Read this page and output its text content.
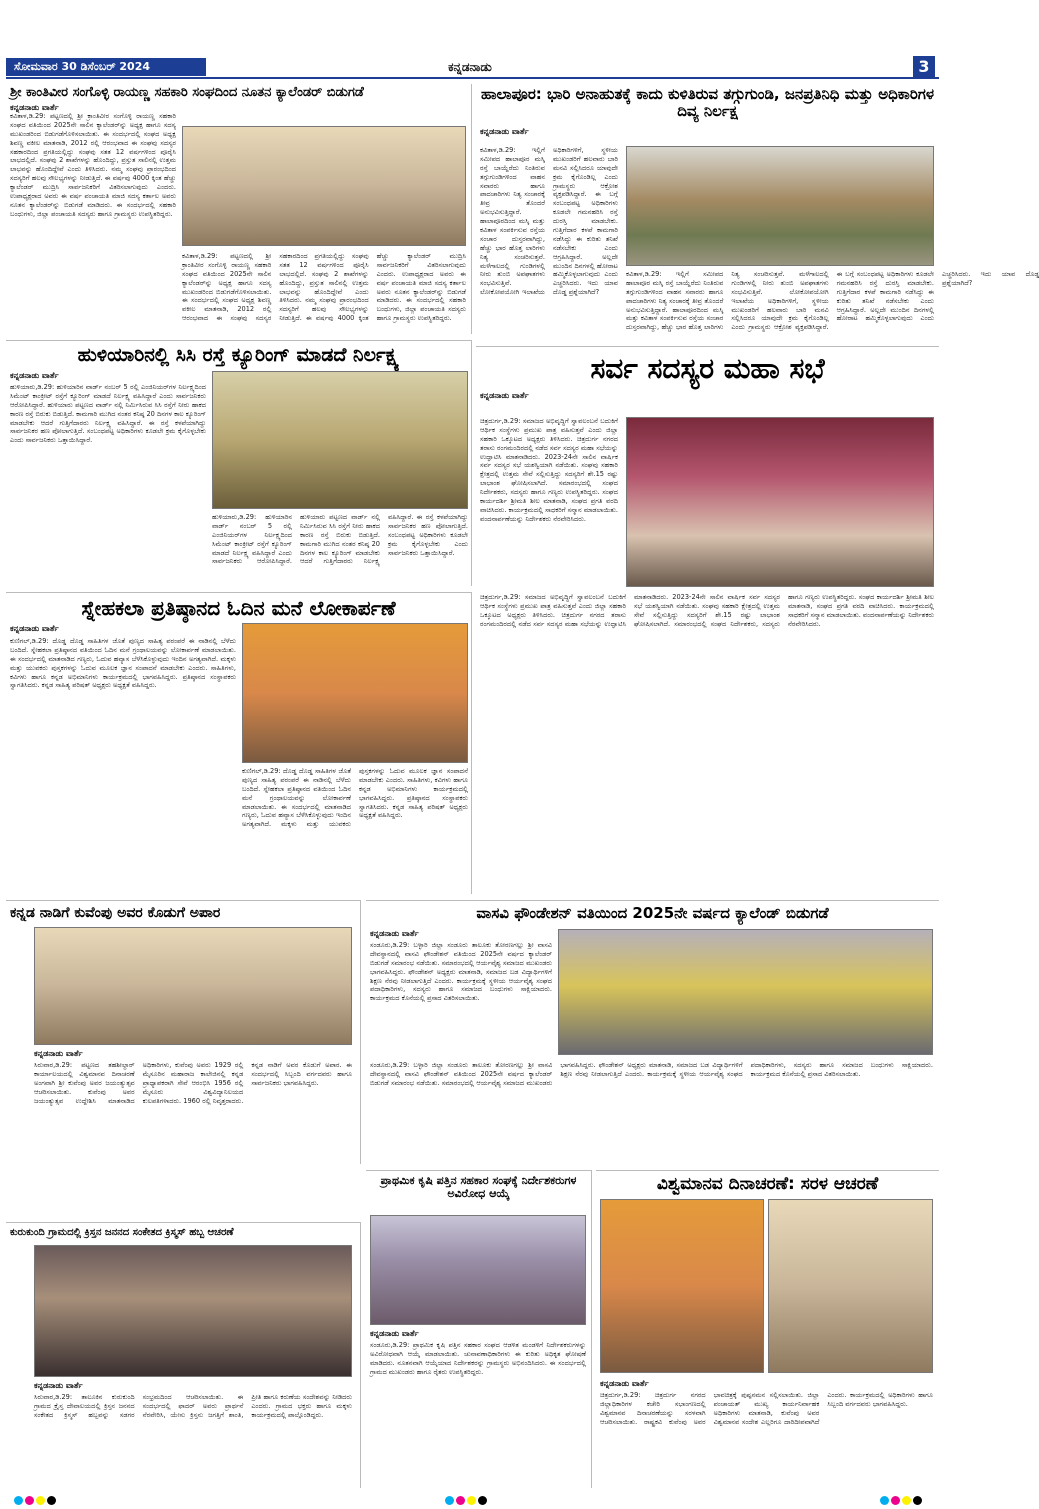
ಸೋಮವಾರ 30 ಡಿಸೆಂಬರ್ 2024	ಕನ್ನಡನಾಡು	3
ಶ್ರೀ ಕಾಂತಿವೀರ ಸಂಗೊಳ್ಳಿ ರಾಯಣ್ಣ ಸಹಕಾರಿ ಸಂಘದಿಂದ ನೂತನ ಕ್ಯಾಲೆಂಡರ್ ಬಿಡುಗಡೆ
ಕನ್ನಡನಾಡು ವಾರ್ತೆ
ಕವಿತಾಳ,ಡಿ.29: ಪಟ್ಟಣದಲ್ಲಿ ಶ್ರೀ ಕ್ರಾಂತಿವೀರ ಸಂಗೊಳ್ಳಿ ರಾಯಣ್ಣ ಸಹಕಾರಿ ಸಂಘದ ವತಿಯಿಂದ 2025ನೇ ಸಾಲಿನ ಕ್ಯಾಲೆಂಡರ್‌ನ್ನು ಅಧ್ಯಕ್ಷ ಹಾಗೂ ಸದಸ್ಯ ಮುಖಂಡರಿಂದ ಬಿಡುಗಡೆಗೊಳಿಸಲಾಯಿತು. ಈ ಸಂದರ್ಭದಲ್ಲಿ ಸಂಘದ ಅಧ್ಯಕ್ಷ ಶಿವಣ್ಣ ವಕೀಲ ಮಾತನಾಡಿ, 2012 ರಲ್ಲಿ ಆರಂಭವಾದ ಈ ಸಂಘವು ಸದಸ್ಯರ ಸಹಕಾರದಿಂದ ಪ್ರಗತಿಯಲ್ಲಿದ್ದು ಸಂಘವು ಸತತ 12 ವರ್ಷಗಳಿಂದ ಪೂರೈಸಿ ಲಾಭದಲ್ಲಿದೆ. ಸಂಘವು 2 ಶಾಖೆಗಳನ್ನು ಹೊಂದಿದ್ದು, ಪ್ರಸ್ತುತ ಸಾಲಿನಲ್ಲಿ ಉತ್ತಮ ಲಾಭವನ್ನು ಹೊಂದಿದ್ದೇವೆ ಎಂದು ತಿಳಿಸಿದರು. ನಮ್ಮ ಸಂಘವು ಪ್ರಾರಂಭದಿಂದ ಸದಸ್ಯರಿಗೆ ಹಲವು ಸೌಲಭ್ಯಗಳನ್ನು ನೀಡುತ್ತಿದೆ. ಈ ವರ್ಷವು 4000 ಕ್ಕಿಂತ ಹೆಚ್ಚು ಕ್ಯಾಲೆಂಡರ್ ಮುದ್ರಿಸಿ ಸಾರ್ವಜನಿಕರಿಗೆ ವಿತರಿಸಲಾಗುವುದು ಎಂದರು. ಉಪಾಧ್ಯಕ್ಷರಾದ ಅವರು ಈ ವರ್ಷ ಪಂಚಾಯತಿ ಮಾಜಿ ಸದಸ್ಯ ಕರ್ತಾಲ ಅವರು ನೂತನ ಕ್ಯಾಲೆಂಡರ್‌ನ್ನು ಬಿಡುಗಡೆ ಮಾಡಿದರು. ಈ ಸಂದರ್ಭದಲ್ಲಿ ಸಹಕಾರಿ ಬಂಧುಗಳು, ಜಿಲ್ಲಾ ಪಂಚಾಯತಿ ಸದಸ್ಯರು ಹಾಗೂ ಗ್ರಾಮಸ್ಥರು ಉಪಸ್ಥಿತರಿದ್ದರು.
ಕವಿತಾಳ,ಡಿ.29: ಪಟ್ಟಣದಲ್ಲಿ ಶ್ರೀ ಕ್ರಾಂತಿವೀರ ಸಂಗೊಳ್ಳಿ ರಾಯಣ್ಣ ಸಹಕಾರಿ ಸಂಘದ ವತಿಯಿಂದ 2025ನೇ ಸಾಲಿನ ಕ್ಯಾಲೆಂಡರ್‌ನ್ನು ಅಧ್ಯಕ್ಷ ಹಾಗೂ ಸದಸ್ಯ ಮುಖಂಡರಿಂದ ಬಿಡುಗಡೆಗೊಳಿಸಲಾಯಿತು. ಈ ಸಂದರ್ಭದಲ್ಲಿ ಸಂಘದ ಅಧ್ಯಕ್ಷ ಶಿವಣ್ಣ ವಕೀಲ ಮಾತನಾಡಿ, 2012 ರಲ್ಲಿ ಆರಂಭವಾದ ಈ ಸಂಘವು ಸದಸ್ಯರ ಸಹಕಾರದಿಂದ ಪ್ರಗತಿಯಲ್ಲಿದ್ದು ಸಂಘವು ಸತತ 12 ವರ್ಷಗಳಿಂದ ಪೂರೈಸಿ ಲಾಭದಲ್ಲಿದೆ. ಸಂಘವು 2 ಶಾಖೆಗಳನ್ನು ಹೊಂದಿದ್ದು, ಪ್ರಸ್ತುತ ಸಾಲಿನಲ್ಲಿ ಉತ್ತಮ ಲಾಭವನ್ನು ಹೊಂದಿದ್ದೇವೆ ಎಂದು ತಿಳಿಸಿದರು. ನಮ್ಮ ಸಂಘವು ಪ್ರಾರಂಭದಿಂದ ಸದಸ್ಯರಿಗೆ ಹಲವು ಸೌಲಭ್ಯಗಳನ್ನು ನೀಡುತ್ತಿದೆ. ಈ ವರ್ಷವು 4000 ಕ್ಕಿಂತ ಹೆಚ್ಚು ಕ್ಯಾಲೆಂಡರ್ ಮುದ್ರಿಸಿ ಸಾರ್ವಜನಿಕರಿಗೆ ವಿತರಿಸಲಾಗುವುದು ಎಂದರು. ಉಪಾಧ್ಯಕ್ಷರಾದ ಅವರು ಈ ವರ್ಷ ಪಂಚಾಯತಿ ಮಾಜಿ ಸದಸ್ಯ ಕರ್ತಾಲ ಅವರು ನೂತನ ಕ್ಯಾಲೆಂಡರ್‌ನ್ನು ಬಿಡುಗಡೆ ಮಾಡಿದರು. ಈ ಸಂದರ್ಭದಲ್ಲಿ ಸಹಕಾರಿ ಬಂಧುಗಳು, ಜಿಲ್ಲಾ ಪಂಚಾಯತಿ ಸದಸ್ಯರು ಹಾಗೂ ಗ್ರಾಮಸ್ಥರು ಉಪಸ್ಥಿತರಿದ್ದರು.
ಹಾಲಾಪೂರ: ಭಾರಿ ಅನಾಹುತಕ್ಕೆ ಕಾದು ಕುಳಿತಿರುವ ತಗ್ಗುಗುಂಡಿ, ಜನಪ್ರತಿನಿಧಿ ಮತ್ತು ಅಧಿಕಾರಿಗಳ ದಿವ್ಯ ನಿರ್ಲಕ್ಷ
ಕನ್ನಡನಾಡು ವಾರ್ತೆ
ಕವಿತಾಳ,ಡಿ.29: ಇಲ್ಲಿಗೆ ಸಮೀಪದ ಹಾಲಾಪೂರ ಮಸ್ಕಿ ರಸ್ತೆ ಬಾಯ್ದೆರೆದು ನಿಂತಿರುವ ತಗ್ಗುಗುಂಡಿಗಳಿಂದ ವಾಹನ ಸವಾರರು ಹಾಗೂ ಪಾದಚಾರಿಗಳು ನಿತ್ಯ ಸಂಚಾರಕ್ಕೆ ತೀವ್ರ ತೊಂದರೆ ಅನುಭವಿಸುತ್ತಿದ್ದಾರೆ. ಹಾಲಾಪೂರದಿಂದ ಮಸ್ಕಿ ಮತ್ತು ಕವಿತಾಳ ಸಂಪರ್ಕಿಸುವ ರಸ್ತೆಯ ಸಂಚಾರ ದುಸ್ತರವಾಗಿದ್ದು, ಹೆಚ್ಚು ಭಾರ ಹೊತ್ತ ಲಾರಿಗಳು ನಿತ್ಯ ಸಂಚರಿಸುತ್ತವೆ. ಮಳೆಗಾಲದಲ್ಲಿ ಗುಂಡಿಗಳಲ್ಲಿ ನೀರು ತುಂಬಿ ಅಪಘಾತಗಳು ಸಂಭವಿಸುತ್ತಿವೆ. ಲೋಕೋಪಯೋಗಿ ಇಲಾಖೆಯ ಅಧಿಕಾರಿಗಳಿಗೆ, ಸ್ಥಳೀಯ ಮುಖಂಡರಿಗೆ ಹಲವಾರು ಬಾರಿ ಮನವಿ ಸಲ್ಲಿಸಿದರೂ ಯಾವುದೇ ಕ್ರಮ ಕೈಗೊಂಡಿಲ್ಲ ಎಂದು ಗ್ರಾಮಸ್ಥರು ಆಕ್ರೋಶ ವ್ಯಕ್ತಪಡಿಸಿದ್ದಾರೆ. ಈ ಬಗ್ಗೆ ಸಂಬಂಧಪಟ್ಟ ಅಧಿಕಾರಿಗಳು ಕೂಡಲೇ ಗಮನಹರಿಸಿ ರಸ್ತೆ ದುರಸ್ತಿ ಮಾಡಬೇಕು. ಗುತ್ತಿಗೆದಾರ ಕಳಪೆ ಕಾಮಗಾರಿ ನಡೆಸಿದ್ದು ಈ ಕುರಿತು ತನಿಖೆ ನಡೆಸಬೇಕು ಎಂದು ಆಗ್ರಹಿಸಿದ್ದಾರೆ. ಅಲ್ಲದೇ ಮುಂದಿನ ದಿನಗಳಲ್ಲಿ ಹೋರಾಟ ಹಮ್ಮಿಕೊಳ್ಳಲಾಗುವುದು ಎಂದು ಎಚ್ಚರಿಸಿದರು. ಇದು ಯಾವ ದೊಡ್ಡ ಪ್ರಶ್ನೆಯಾಗಿದೆ?
ಕವಿತಾಳ,ಡಿ.29: ಇಲ್ಲಿಗೆ ಸಮೀಪದ ಹಾಲಾಪೂರ ಮಸ್ಕಿ ರಸ್ತೆ ಬಾಯ್ದೆರೆದು ನಿಂತಿರುವ ತಗ್ಗುಗುಂಡಿಗಳಿಂದ ವಾಹನ ಸವಾರರು ಹಾಗೂ ಪಾದಚಾರಿಗಳು ನಿತ್ಯ ಸಂಚಾರಕ್ಕೆ ತೀವ್ರ ತೊಂದರೆ ಅನುಭವಿಸುತ್ತಿದ್ದಾರೆ. ಹಾಲಾಪೂರದಿಂದ ಮಸ್ಕಿ ಮತ್ತು ಕವಿತಾಳ ಸಂಪರ್ಕಿಸುವ ರಸ್ತೆಯ ಸಂಚಾರ ದುಸ್ತರವಾಗಿದ್ದು, ಹೆಚ್ಚು ಭಾರ ಹೊತ್ತ ಲಾರಿಗಳು ನಿತ್ಯ ಸಂಚರಿಸುತ್ತವೆ. ಮಳೆಗಾಲದಲ್ಲಿ ಗುಂಡಿಗಳಲ್ಲಿ ನೀರು ತುಂಬಿ ಅಪಘಾತಗಳು ಸಂಭವಿಸುತ್ತಿವೆ. ಲೋಕೋಪಯೋಗಿ ಇಲಾಖೆಯ ಅಧಿಕಾರಿಗಳಿಗೆ, ಸ್ಥಳೀಯ ಮುಖಂಡರಿಗೆ ಹಲವಾರು ಬಾರಿ ಮನವಿ ಸಲ್ಲಿಸಿದರೂ ಯಾವುದೇ ಕ್ರಮ ಕೈಗೊಂಡಿಲ್ಲ ಎಂದು ಗ್ರಾಮಸ್ಥರು ಆಕ್ರೋಶ ವ್ಯಕ್ತಪಡಿಸಿದ್ದಾರೆ. ಈ ಬಗ್ಗೆ ಸಂಬಂಧಪಟ್ಟ ಅಧಿಕಾರಿಗಳು ಕೂಡಲೇ ಗಮನಹರಿಸಿ ರಸ್ತೆ ದುರಸ್ತಿ ಮಾಡಬೇಕು. ಗುತ್ತಿಗೆದಾರ ಕಳಪೆ ಕಾಮಗಾರಿ ನಡೆಸಿದ್ದು ಈ ಕುರಿತು ತನಿಖೆ ನಡೆಸಬೇಕು ಎಂದು ಆಗ್ರಹಿಸಿದ್ದಾರೆ. ಅಲ್ಲದೇ ಮುಂದಿನ ದಿನಗಳಲ್ಲಿ ಹೋರಾಟ ಹಮ್ಮಿಕೊಳ್ಳಲಾಗುವುದು ಎಂದು ಎಚ್ಚರಿಸಿದರು. ಇದು ಯಾವ ದೊಡ್ಡ ಪ್ರಶ್ನೆಯಾಗಿದೆ?
ಹುಳಿಯಾರಿನಲ್ಲಿ ಸಿಸಿ ರಸ್ತೆ ಕ್ಯೂರಿಂಗ್ ಮಾಡದೆ ನಿರ್ಲಕ್ಷ್ಯ
ಕನ್ನಡನಾಡು ವಾರ್ತೆ
ಹುಳಿಯಾರು,ಡಿ.29: ಹುಳಿಯಾರಿನ ವಾರ್ಡ್ ನಂಬರ್ 5 ರಲ್ಲಿ ಎಂಜಿನಿಯರ್‌ಗಳ ನಿರ್ಲಕ್ಷ್ಯದಿಂದ ಸಿಮೆಂಟ್ ಕಾಂಕ್ರೀಟ್ ರಸ್ತೆಗೆ ಕ್ಯೂರಿಂಗ್ ಮಾಡದೆ ನಿರ್ಲಕ್ಷ್ಯ ವಹಿಸಿದ್ದಾರೆ ಎಂದು ಸಾರ್ವಜನಿಕರು ಆರೋಪಿಸಿದ್ದಾರೆ. ಹುಳಿಯಾರು ಪಟ್ಟಣದ ವಾರ್ಡ್ ನಲ್ಲಿ ನಿರ್ಮಿಸಿರುವ ಸಿಸಿ ರಸ್ತೆಗೆ ನೀರು ಹಾಕದ ಕಾರಣ ರಸ್ತೆ ಬಿರುಕು ಬಿಡುತ್ತಿದೆ. ಕಾಮಗಾರಿ ಮುಗಿದ ನಂತರ ಕನಿಷ್ಠ 20 ದಿನಗಳ ಕಾಲ ಕ್ಯೂರಿಂಗ್ ಮಾಡಬೇಕು ಆದರೆ ಗುತ್ತಿಗೆದಾರರು ನಿರ್ಲಕ್ಷ್ಯ ವಹಿಸಿದ್ದಾರೆ. ಈ ರಸ್ತೆ ಕಳಪೆಯಾಗಿದ್ದು ಸಾರ್ವಜನಿಕರ ಹಣ ಪೋಲಾಗುತ್ತಿದೆ. ಸಂಬಂಧಪಟ್ಟ ಅಧಿಕಾರಿಗಳು ಕೂಡಲೇ ಕ್ರಮ ಕೈಗೊಳ್ಳಬೇಕು ಎಂದು ಸಾರ್ವಜನಿಕರು ಒತ್ತಾಯಿಸಿದ್ದಾರೆ.
ಹುಳಿಯಾರು,ಡಿ.29: ಹುಳಿಯಾರಿನ ವಾರ್ಡ್ ನಂಬರ್ 5 ರಲ್ಲಿ ಎಂಜಿನಿಯರ್‌ಗಳ ನಿರ್ಲಕ್ಷ್ಯದಿಂದ ಸಿಮೆಂಟ್ ಕಾಂಕ್ರೀಟ್ ರಸ್ತೆಗೆ ಕ್ಯೂರಿಂಗ್ ಮಾಡದೆ ನಿರ್ಲಕ್ಷ್ಯ ವಹಿಸಿದ್ದಾರೆ ಎಂದು ಸಾರ್ವಜನಿಕರು ಆರೋಪಿಸಿದ್ದಾರೆ. ಹುಳಿಯಾರು ಪಟ್ಟಣದ ವಾರ್ಡ್ ನಲ್ಲಿ ನಿರ್ಮಿಸಿರುವ ಸಿಸಿ ರಸ್ತೆಗೆ ನೀರು ಹಾಕದ ಕಾರಣ ರಸ್ತೆ ಬಿರುಕು ಬಿಡುತ್ತಿದೆ. ಕಾಮಗಾರಿ ಮುಗಿದ ನಂತರ ಕನಿಷ್ಠ 20 ದಿನಗಳ ಕಾಲ ಕ್ಯೂರಿಂಗ್ ಮಾಡಬೇಕು ಆದರೆ ಗುತ್ತಿಗೆದಾರರು ನಿರ್ಲಕ್ಷ್ಯ ವಹಿಸಿದ್ದಾರೆ. ಈ ರಸ್ತೆ ಕಳಪೆಯಾಗಿದ್ದು ಸಾರ್ವಜನಿಕರ ಹಣ ಪೋಲಾಗುತ್ತಿದೆ. ಸಂಬಂಧಪಟ್ಟ ಅಧಿಕಾರಿಗಳು ಕೂಡಲೇ ಕ್ರಮ ಕೈಗೊಳ್ಳಬೇಕು ಎಂದು ಸಾರ್ವಜನಿಕರು ಒತ್ತಾಯಿಸಿದ್ದಾರೆ.
ಸರ್ವ ಸದಸ್ಯರ ಮಹಾ ಸಭೆ
ಕನ್ನಡನಾಡು ವಾರ್ತೆ
ಚಿತ್ರದುರ್ಗ,ಡಿ.29: ಸಮಾಜದ ಅಭಿವೃದ್ಧಿಗೆ ಸ್ವಾವಲಂಬನೆ ಬದುಕಿಗೆ ಆರ್ಥಿಕ ಸಂಸ್ಥೆಗಳು ಪ್ರಮುಖ ಪಾತ್ರ ವಹಿಸುತ್ತವೆ ಎಂದು ಜಿಲ್ಲಾ ಸಹಕಾರಿ ಒಕ್ಕೂಟದ ಅಧ್ಯಕ್ಷರು ತಿಳಿಸಿದರು. ಚಿತ್ರದುರ್ಗ ನಗರದ ತರಾಸು ರಂಗಮಂದಿರದಲ್ಲಿ ನಡೆದ ಸರ್ವ ಸದಸ್ಯರ ಮಹಾ ಸಭೆಯನ್ನು ಉದ್ಘಾಟಿಸಿ ಮಾತನಾಡಿದರು. 2023-24ನೇ ಸಾಲಿನ ವಾರ್ಷಿಕ ಸರ್ವ ಸದಸ್ಯರ ಸಭೆ ಯಶಸ್ವಿಯಾಗಿ ನಡೆಯಿತು. ಸಂಘವು ಸಹಕಾರಿ ಕ್ಷೇತ್ರದಲ್ಲಿ ಉತ್ತಮ ಸೇವೆ ಸಲ್ಲಿಸುತ್ತಿದ್ದು ಸದಸ್ಯರಿಗೆ ಶೇ.15 ರಷ್ಟು ಲಾಭಾಂಶ ಘೋಷಿಸಲಾಗಿದೆ. ಸಮಾರಂಭದಲ್ಲಿ ಸಂಘದ ನಿರ್ದೇಶಕರು, ಸದಸ್ಯರು ಹಾಗೂ ಗಣ್ಯರು ಉಪಸ್ಥಿತರಿದ್ದರು. ಸಂಘದ ಕಾರ್ಯದರ್ಶಿ ಶ್ರೀಮತಿ ಶೀಲ ಮಾತನಾಡಿ, ಸಂಘದ ಪ್ರಗತಿ ವರದಿ ವಾಚಿಸಿದರು. ಕಾರ್ಯಕ್ರಮದಲ್ಲಿ ಸಾಧಕರಿಗೆ ಸನ್ಮಾನ ಮಾಡಲಾಯಿತು. ವಂದನಾರ್ಪಣೆಯನ್ನು ನಿರ್ದೇಶಕರು ನೆರವೇರಿಸಿದರು.
ಚಿತ್ರದುರ್ಗ,ಡಿ.29: ಸಮಾಜದ ಅಭಿವೃದ್ಧಿಗೆ ಸ್ವಾವಲಂಬನೆ ಬದುಕಿಗೆ ಆರ್ಥಿಕ ಸಂಸ್ಥೆಗಳು ಪ್ರಮುಖ ಪಾತ್ರ ವಹಿಸುತ್ತವೆ ಎಂದು ಜಿಲ್ಲಾ ಸಹಕಾರಿ ಒಕ್ಕೂಟದ ಅಧ್ಯಕ್ಷರು ತಿಳಿಸಿದರು. ಚಿತ್ರದುರ್ಗ ನಗರದ ತರಾಸು ರಂಗಮಂದಿರದಲ್ಲಿ ನಡೆದ ಸರ್ವ ಸದಸ್ಯರ ಮಹಾ ಸಭೆಯನ್ನು ಉದ್ಘಾಟಿಸಿ ಮಾತನಾಡಿದರು. 2023-24ನೇ ಸಾಲಿನ ವಾರ್ಷಿಕ ಸರ್ವ ಸದಸ್ಯರ ಸಭೆ ಯಶಸ್ವಿಯಾಗಿ ನಡೆಯಿತು. ಸಂಘವು ಸಹಕಾರಿ ಕ್ಷೇತ್ರದಲ್ಲಿ ಉತ್ತಮ ಸೇವೆ ಸಲ್ಲಿಸುತ್ತಿದ್ದು ಸದಸ್ಯರಿಗೆ ಶೇ.15 ರಷ್ಟು ಲಾಭಾಂಶ ಘೋಷಿಸಲಾಗಿದೆ. ಸಮಾರಂಭದಲ್ಲಿ ಸಂಘದ ನಿರ್ದೇಶಕರು, ಸದಸ್ಯರು ಹಾಗೂ ಗಣ್ಯರು ಉಪಸ್ಥಿತರಿದ್ದರು. ಸಂಘದ ಕಾರ್ಯದರ್ಶಿ ಶ್ರೀಮತಿ ಶೀಲ ಮಾತನಾಡಿ, ಸಂಘದ ಪ್ರಗತಿ ವರದಿ ವಾಚಿಸಿದರು. ಕಾರ್ಯಕ್ರಮದಲ್ಲಿ ಸಾಧಕರಿಗೆ ಸನ್ಮಾನ ಮಾಡಲಾಯಿತು. ವಂದನಾರ್ಪಣೆಯನ್ನು ನಿರ್ದೇಶಕರು ನೆರವೇರಿಸಿದರು.
ಸ್ನೇಹಕಲಾ ಪ್ರತಿಷ್ಠಾನದ ಓದಿನ ಮನೆ ಲೋಕಾರ್ಪಣೆ
ಕನ್ನಡನಾಡು ವಾರ್ತೆ
ಕುಣಿಗಲ್,ಡಿ.29: ದೊಡ್ಡ ದೊಡ್ಡ ಸಾಹಿತಿಗಳ ಜೊತೆ ಪುಣ್ಯದ ಸಾಹಿತ್ಯ ಪರಂಪರೆ ಈ ನಾಡಿನಲ್ಲಿ ಬೆಳೆದು ಬಂದಿದೆ. ಸ್ನೇಹಕಲಾ ಪ್ರತಿಷ್ಠಾನದ ವತಿಯಿಂದ ಓದಿನ ಮನೆ ಗ್ರಂಥಾಲಯವನ್ನು ಲೋಕಾರ್ಪಣೆ ಮಾಡಲಾಯಿತು. ಈ ಸಂದರ್ಭದಲ್ಲಿ ಮಾತನಾಡಿದ ಗಣ್ಯರು, ಓದುವ ಹವ್ಯಾಸ ಬೆಳೆಸಿಕೊಳ್ಳುವುದು ಇಂದಿನ ಅಗತ್ಯವಾಗಿದೆ. ಮಕ್ಕಳು ಮತ್ತು ಯುವಕರು ಪುಸ್ತಕಗಳನ್ನು ಓದುವ ಮೂಲಕ ಜ್ಞಾನ ಸಂಪಾದನೆ ಮಾಡಬೇಕು ಎಂದರು. ಸಾಹಿತಿಗಳು, ಕವಿಗಳು ಹಾಗೂ ಕನ್ನಡ ಅಭಿಮಾನಿಗಳು ಕಾರ್ಯಕ್ರಮದಲ್ಲಿ ಭಾಗವಹಿಸಿದ್ದರು. ಪ್ರತಿಷ್ಠಾನದ ಸಂಸ್ಥಾಪಕರು ಸ್ವಾಗತಿಸಿದರು. ಕನ್ನಡ ಸಾಹಿತ್ಯ ಪರಿಷತ್ ಅಧ್ಯಕ್ಷರು ಅಧ್ಯಕ್ಷತೆ ವಹಿಸಿದ್ದರು.
ಕುಣಿಗಲ್,ಡಿ.29: ದೊಡ್ಡ ದೊಡ್ಡ ಸಾಹಿತಿಗಳ ಜೊತೆ ಪುಣ್ಯದ ಸಾಹಿತ್ಯ ಪರಂಪರೆ ಈ ನಾಡಿನಲ್ಲಿ ಬೆಳೆದು ಬಂದಿದೆ. ಸ್ನೇಹಕಲಾ ಪ್ರತಿಷ್ಠಾನದ ವತಿಯಿಂದ ಓದಿನ ಮನೆ ಗ್ರಂಥಾಲಯವನ್ನು ಲೋಕಾರ್ಪಣೆ ಮಾಡಲಾಯಿತು. ಈ ಸಂದರ್ಭದಲ್ಲಿ ಮಾತನಾಡಿದ ಗಣ್ಯರು, ಓದುವ ಹವ್ಯಾಸ ಬೆಳೆಸಿಕೊಳ್ಳುವುದು ಇಂದಿನ ಅಗತ್ಯವಾಗಿದೆ. ಮಕ್ಕಳು ಮತ್ತು ಯುವಕರು ಪುಸ್ತಕಗಳನ್ನು ಓದುವ ಮೂಲಕ ಜ್ಞಾನ ಸಂಪಾದನೆ ಮಾಡಬೇಕು ಎಂದರು. ಸಾಹಿತಿಗಳು, ಕವಿಗಳು ಹಾಗೂ ಕನ್ನಡ ಅಭಿಮಾನಿಗಳು ಕಾರ್ಯಕ್ರಮದಲ್ಲಿ ಭಾಗವಹಿಸಿದ್ದರು. ಪ್ರತಿಷ್ಠಾನದ ಸಂಸ್ಥಾಪಕರು ಸ್ವಾಗತಿಸಿದರು. ಕನ್ನಡ ಸಾಹಿತ್ಯ ಪರಿಷತ್ ಅಧ್ಯಕ್ಷರು ಅಧ್ಯಕ್ಷತೆ ವಹಿಸಿದ್ದರು.
ಕನ್ನಡ ನಾಡಿಗೆ ಕುವೆಂಪು ಅವರ ಕೊಡುಗೆ ಅಪಾರ
ಕನ್ನಡನಾಡು ವಾರ್ತೆ
ಸಿರುವಾರ,ಡಿ.29: ಪಟ್ಟಣದ ತಹಶೀಲ್ದಾರ್ ಕಾರ್ಯಾಲಯದಲ್ಲಿ ವಿಶ್ವಮಾನವ ದಿನಾಚರಣೆ ಅಂಗವಾಗಿ ಶ್ರೀ ಕುವೆಂಪು ಅವರ ಜಯಂತ್ಯುತ್ಸವ ಆಚರಿಸಲಾಯಿತು. ಕುವೆಂಪು ಅವರ ಜಯಂತ್ಯುತ್ಸವ ಉದ್ದೇಶಿಸಿ ಮಾತನಾಡಿದ ಅಧಿಕಾರಿಗಳು, ಕುವೆಂಪು ಅವರು 1929 ರಲ್ಲಿ ಮೈಸೂರಿನ ಮಹಾರಾಜ ಕಾಲೇಜಿನಲ್ಲಿ ಕನ್ನಡ ಪ್ರಾಧ್ಯಾಪಕರಾಗಿ ಸೇವೆ ಆರಂಭಿಸಿ 1956 ರಲ್ಲಿ ಮೈಸೂರು ವಿಶ್ವವಿದ್ಯಾನಿಲಯದ ಕುಲಪತಿಗಳಾದರು. 1960 ರಲ್ಲಿ ನಿವೃತ್ತರಾದರು. ಕನ್ನಡ ನಾಡಿಗೆ ಅವರ ಕೊಡುಗೆ ಅಪಾರ. ಈ ಸಂದರ್ಭದಲ್ಲಿ ಸಿಬ್ಬಂದಿ ವರ್ಗದವರು ಹಾಗೂ ಸಾರ್ವಜನಿಕರು ಭಾಗವಹಿಸಿದ್ದರು.
ವಾಸವಿ ಫೌಂಡೇಶನ್ ವತಿಯಿಂದ 2025ನೇ ವರ್ಷದ ಕ್ಯಾಲೆಂಡ್ ಬಿಡುಗಡೆ
ಕನ್ನಡನಾಡು ವಾರ್ತೆ
ಸಂಡೂರು,ಡಿ.29: ಬಳ್ಳಾರಿ ಜಿಲ್ಲಾ ಸಂಡೂರು ತಾಲೂಕು ತೋರಣಗಲ್ಲು ಶ್ರೀ ವಾಸವಿ ದೇವಸ್ಥಾನದಲ್ಲಿ ವಾಸವಿ ಫೌಂಡೇಶನ್ ವತಿಯಿಂದ 2025ನೇ ವರ್ಷದ ಕ್ಯಾಲೆಂಡರ್ ಬಿಡುಗಡೆ ಸಮಾರಂಭ ನಡೆಯಿತು. ಸಮಾರಂಭದಲ್ಲಿ ಆರ್ಯವೈಶ್ಯ ಸಮಾಜದ ಮುಖಂಡರು ಭಾಗವಹಿಸಿದ್ದರು. ಫೌಂಡೇಶನ್ ಅಧ್ಯಕ್ಷರು ಮಾತನಾಡಿ, ಸಮಾಜದ ಬಡ ವಿದ್ಯಾರ್ಥಿಗಳಿಗೆ ಶಿಕ್ಷಣ ನೆರವು ನೀಡಲಾಗುತ್ತಿದೆ ಎಂದರು. ಕಾರ್ಯಕ್ರಮಕ್ಕೆ ಸ್ಥಳೀಯ ಆರ್ಯವೈಶ್ಯ ಸಂಘದ ಪದಾಧಿಕಾರಿಗಳು, ಸದಸ್ಯರು ಹಾಗೂ ಸಮಾಜದ ಬಂಧುಗಳು ಸಾಕ್ಷಿಯಾದರು. ಕಾರ್ಯಕ್ರಮದ ಕೊನೆಯಲ್ಲಿ ಪ್ರಸಾದ ವಿತರಿಸಲಾಯಿತು.
ಸಂಡೂರು,ಡಿ.29: ಬಳ್ಳಾರಿ ಜಿಲ್ಲಾ ಸಂಡೂರು ತಾಲೂಕು ತೋರಣಗಲ್ಲು ಶ್ರೀ ವಾಸವಿ ದೇವಸ್ಥಾನದಲ್ಲಿ ವಾಸವಿ ಫೌಂಡೇಶನ್ ವತಿಯಿಂದ 2025ನೇ ವರ್ಷದ ಕ್ಯಾಲೆಂಡರ್ ಬಿಡುಗಡೆ ಸಮಾರಂಭ ನಡೆಯಿತು. ಸಮಾರಂಭದಲ್ಲಿ ಆರ್ಯವೈಶ್ಯ ಸಮಾಜದ ಮುಖಂಡರು ಭಾಗವಹಿಸಿದ್ದರು. ಫೌಂಡೇಶನ್ ಅಧ್ಯಕ್ಷರು ಮಾತನಾಡಿ, ಸಮಾಜದ ಬಡ ವಿದ್ಯಾರ್ಥಿಗಳಿಗೆ ಶಿಕ್ಷಣ ನೆರವು ನೀಡಲಾಗುತ್ತಿದೆ ಎಂದರು. ಕಾರ್ಯಕ್ರಮಕ್ಕೆ ಸ್ಥಳೀಯ ಆರ್ಯವೈಶ್ಯ ಸಂಘದ ಪದಾಧಿಕಾರಿಗಳು, ಸದಸ್ಯರು ಹಾಗೂ ಸಮಾಜದ ಬಂಧುಗಳು ಸಾಕ್ಷಿಯಾದರು. ಕಾರ್ಯಕ್ರಮದ ಕೊನೆಯಲ್ಲಿ ಪ್ರಸಾದ ವಿತರಿಸಲಾಯಿತು.
ಕುರುಕುಂದಿ ಗ್ರಾಮದಲ್ಲಿ ಕ್ರಿಸ್ತನ ಜನನದ ಸಂಕೇತದ ಕ್ರಿಸ್ಮಸ್ ಹಬ್ಬ ಆಚರಣೆ
ಕನ್ನಡನಾಡು ವಾರ್ತೆ
ಸಿರುವಾರ,ಡಿ.29: ತಾಲೂಕಿನ ಕುರುಕುಂದಿ ಗ್ರಾಮದ ಕ್ರೈಸ್ತ ದೇವಾಲಯದಲ್ಲಿ ಕ್ರಿಸ್ತನ ಜನನದ ಸಂಕೇತದ ಕ್ರಿಸ್ಮಸ್ ಹಬ್ಬವನ್ನು ಸಡಗರ ಸಂಭ್ರಮದಿಂದ ಆಚರಿಸಲಾಯಿತು. ಈ ಸಂದರ್ಭದಲ್ಲಿ ಫಾದರ್ ಅವರು ಪ್ರಾರ್ಥನೆ ನೆರವೇರಿಸಿ, ಯೇಸು ಕ್ರಿಸ್ತನು ಜಗತ್ತಿಗೆ ಶಾಂತಿ, ಪ್ರೀತಿ ಹಾಗೂ ಕರುಣೆಯ ಸಂದೇಶವನ್ನು ನೀಡಿದರು ಎಂದರು. ಗ್ರಾಮದ ಭಕ್ತರು ಹಾಗೂ ಮಕ್ಕಳು ಕಾರ್ಯಕ್ರಮದಲ್ಲಿ ಪಾಲ್ಗೊಂಡಿದ್ದರು.
ಪ್ರಾಥಮಿಕ ಕೃಷಿ ಪತ್ತಿನ ಸಹಕಾರ ಸಂಘಕ್ಕೆ ನಿರ್ದೇಶಕರುಗಳ ಅವಿರೋಧ ಆಯ್ಕೆ
ಕನ್ನಡನಾಡು ವಾರ್ತೆ
ಸಂಡೂರು,ಡಿ.29: ಪ್ರಾಥಮಿಕ ಕೃಷಿ ಪತ್ತಿನ ಸಹಕಾರ ಸಂಘದ ಆಡಳಿತ ಮಂಡಳಿಗೆ ನಿರ್ದೇಶಕರುಗಳನ್ನು ಅವಿರೋಧವಾಗಿ ಆಯ್ಕೆ ಮಾಡಲಾಯಿತು. ಚುನಾವಣಾಧಿಕಾರಿಗಳು ಈ ಕುರಿತು ಅಧಿಕೃತ ಘೋಷಣೆ ಮಾಡಿದರು. ನೂತನವಾಗಿ ಆಯ್ಕೆಯಾದ ನಿರ್ದೇಶಕರನ್ನು ಗ್ರಾಮಸ್ಥರು ಅಭಿನಂದಿಸಿದರು. ಈ ಸಂದರ್ಭದಲ್ಲಿ ಗ್ರಾಮದ ಮುಖಂಡರು ಹಾಗೂ ರೈತರು ಉಪಸ್ಥಿತರಿದ್ದರು.
ವಿಶ್ವಮಾನವ ದಿನಾಚರಣೆ: ಸರಳ ಆಚರಣೆ
ಕನ್ನಡನಾಡು ವಾರ್ತೆ
ಚಿತ್ರದುರ್ಗ,ಡಿ.29: ಚಿತ್ರದುರ್ಗ ನಗರದ ಜಿಲ್ಲಾಧಿಕಾರಿಗಳ ಕಚೇರಿ ಸಭಾಂಗಣದಲ್ಲಿ ವಿಶ್ವಮಾನವ ದಿನಾಚರಣೆಯನ್ನು ಸರಳವಾಗಿ ಆಚರಿಸಲಾಯಿತು. ರಾಷ್ಟ್ರಕವಿ ಕುವೆಂಪು ಅವರ ಭಾವಚಿತ್ರಕ್ಕೆ ಪುಷ್ಪನಮನ ಸಲ್ಲಿಸಲಾಯಿತು. ಜಿಲ್ಲಾ ಪಂಚಾಯತ್ ಮುಖ್ಯ ಕಾರ್ಯನಿರ್ವಾಹಕ ಅಧಿಕಾರಿಗಳು ಮಾತನಾಡಿ, ಕುವೆಂಪು ಅವರ ವಿಶ್ವಮಾನವ ಸಂದೇಶ ಎಲ್ಲರಿಗೂ ದಾರಿದೀಪವಾಗಿದೆ ಎಂದರು. ಕಾರ್ಯಕ್ರಮದಲ್ಲಿ ಅಧಿಕಾರಿಗಳು ಹಾಗೂ ಸಿಬ್ಬಂದಿ ವರ್ಗದವರು ಭಾಗವಹಿಸಿದ್ದರು.
